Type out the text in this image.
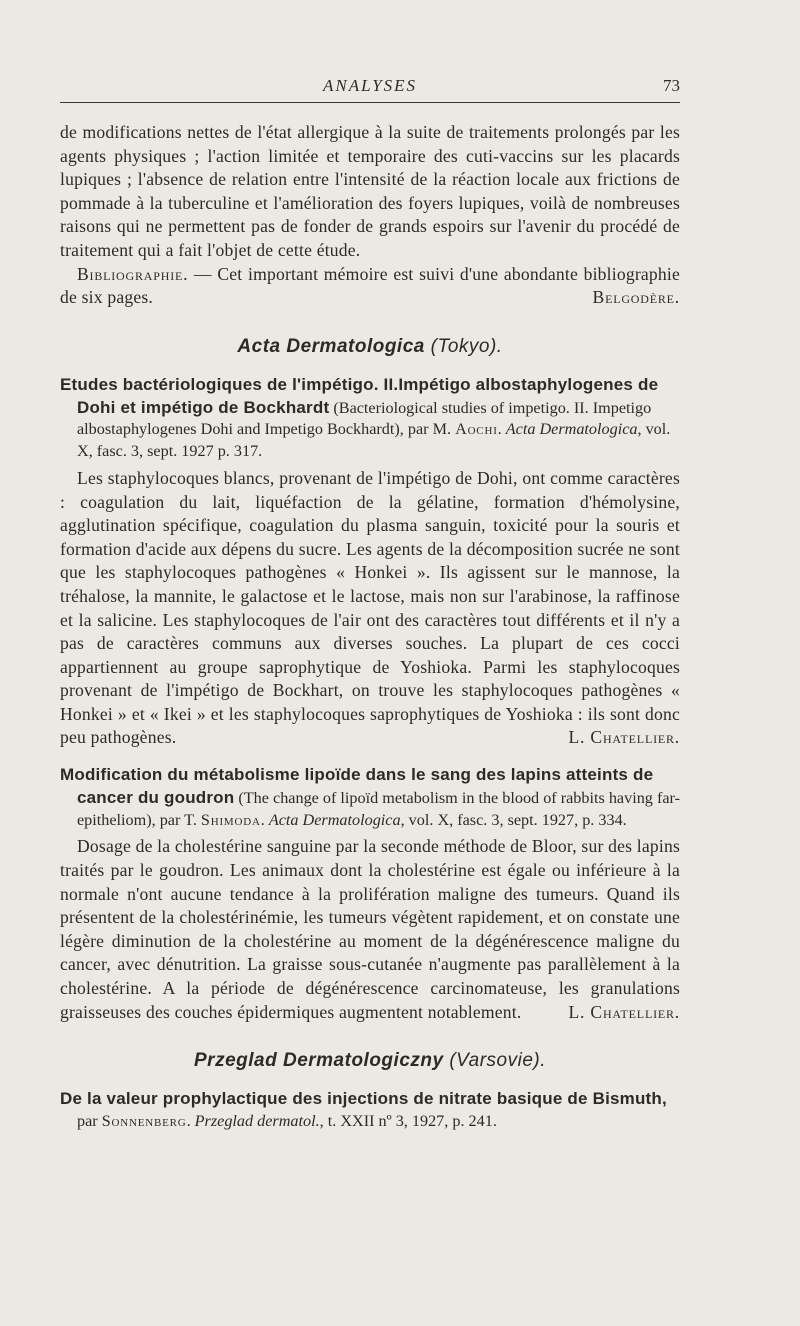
ANALYSES	73

de modifications nettes de l'état allergique à la suite de traitements prolongés par les agents physiques ; l'action limitée et temporaire des cuti-vaccins sur les placards lupiques ; l'absence de relation entre l'intensité de la réaction locale aux frictions de pommade à la tuberculine et l'amélioration des foyers lupiques, voilà de nombreuses raisons qui ne permettent pas de fonder de grands espoirs sur l'avenir du procédé de traitement qui a fait l'objet de cette étude.

Bibliographie. — Cet important mémoire est suivi d'une abondante bibliographie de six pages.	Belgodère.

Acta Dermatologica (Tokyo).
Etudes bactériologiques de l'impétigo. II.Impétigo albostaphylogenes de Dohi et impétigo de Bockhardt (Bacteriological studies of impetigo. II. Impetigo albostaphylogenes Dohi and Impetigo Bockhardt), par M. Aochi. Acta Dermatologica, vol. X, fasc. 3, sept. 1927 p. 317.

Les staphylocoques blancs, provenant de l'impétigo de Dohi, ont comme caractères : coagulation du lait, liquéfaction de la gélatine, formation d'hémolysine, agglutination spécifique, coagulation du plasma sanguin, toxicité pour la souris et formation d'acide aux dépens du sucre. Les agents de la décomposition sucrée ne sont que les staphylocoques pathogènes « Honkei ». Ils agissent sur le mannose, la tréhalose, la mannite, le galactose et le lactose, mais non sur l'arabinose, la raffinose et la salicine. Les staphylocoques de l'air ont des caractères tout différents et il n'y a pas de caractères communs aux diverses souches. La plupart de ces cocci appartiennent au groupe saprophytique de Yoshioka. Parmi les staphylocoques provenant de l'impétigo de Bockhart, on trouve les staphylocoques pathogènes « Honkei » et « Ikei » et les staphylocoques saprophytiques de Yoshioka : ils sont donc peu pathogènes.	L. Chatellier.

Modification du métabolisme lipoïde dans le sang des lapins atteints de cancer du goudron (The change of lipoïd metabolism in the blood of rabbits having far-epitheliom), par T. Shimoda. Acta Dermatologica, vol. X, fasc. 3, sept. 1927, p. 334.

Dosage de la cholestérine sanguine par la seconde méthode de Bloor, sur des lapins traités par le goudron. Les animaux dont la cholestérine est égale ou inférieure à la normale n'ont aucune tendance à la prolifération maligne des tumeurs. Quand ils présentent de la cholestérinémie, les tumeurs végètent rapidement, et on constate une légère diminution de la cholestérine au moment de la dégénérescence maligne du cancer, avec dénutrition. La graisse sous-cutanée n'augmente pas parallèlement à la cholestérine. A la période de dégénérescence carcinomateuse, les granulations graisseuses des couches épidermiques augmentent notablement.	L. Chatellier.

Przeglad Dermatologiczny (Varsovie).
De la valeur prophylactique des injections de nitrate basique de Bismuth, par Sonnenberg. Przeglad dermatol., t. XXII nº 3, 1927, p. 241.
